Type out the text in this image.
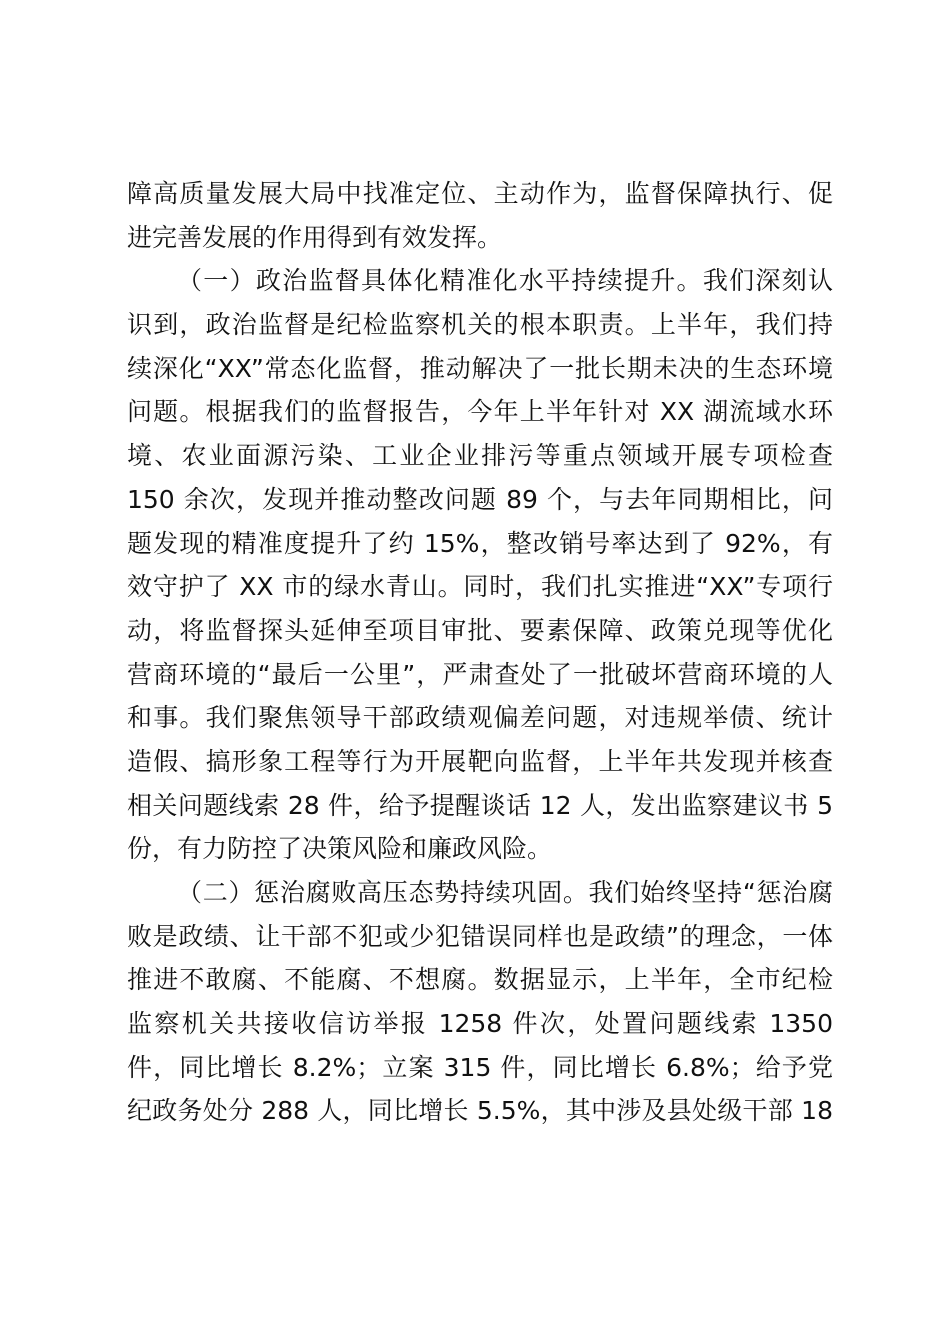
障高质量发展大局中找准定位、主动作为，监督保障执行、促
进完善发展的作用得到有效发挥。
（一）政治监督具体化精准化水平持续提升。我们深刻认
识到，政治监督是纪检监察机关的根本职责。上半年，我们持
续深化“XX”常态化监督，推动解决了一批长期未决的生态环境
问题。根据我们的监督报告，今年上半年针对 XX 湖流域水环
境、农业面源污染、工业企业排污等重点领域开展专项检查
150 余次，发现并推动整改问题 89 个，与去年同期相比，问
题发现的精准度提升了约 15%，整改销号率达到了 92%，有
效守护了 XX 市的绿水青山。同时，我们扎实推进“XX”专项行
动，将监督探头延伸至项目审批、要素保障、政策兑现等优化
营商环境的“最后一公里”，严肃查处了一批破坏营商环境的人
和事。我们聚焦领导干部政绩观偏差问题，对违规举债、统计
造假、搞形象工程等行为开展靶向监督，上半年共发现并核查
相关问题线索 28 件，给予提醒谈话 12 人，发出监察建议书 5
份，有力防控了决策风险和廉政风险。
（二）惩治腐败高压态势持续巩固。我们始终坚持“惩治腐
败是政绩、让干部不犯或少犯错误同样也是政绩”的理念，一体
推进不敢腐、不能腐、不想腐。数据显示，上半年，全市纪检
监察机关共接收信访举报 1258 件次，处置问题线索 1350
件，同比增长 8.2%；立案 315 件，同比增长 6.8%；给予党
纪政务处分 288 人，同比增长 5.5%，其中涉及县处级干部 18
